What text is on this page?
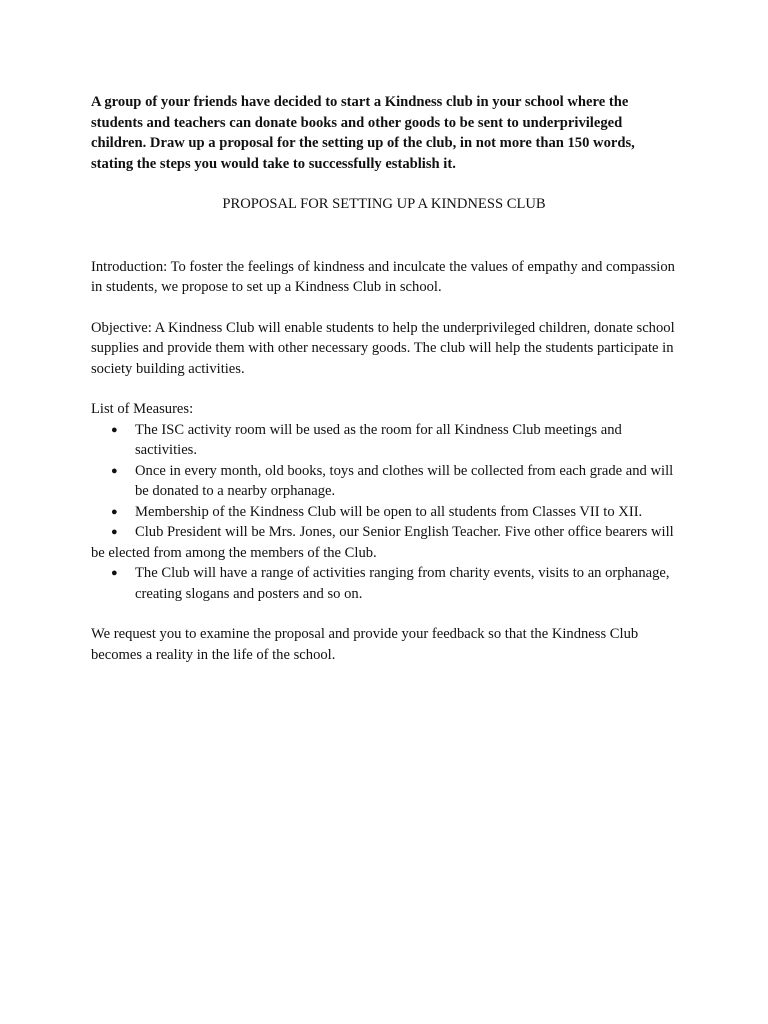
A group of your friends have decided to start a Kindness club in your school where the students and teachers can donate books and other goods to be sent to underprivileged children. Draw up a proposal for the setting up of the club, in not more than 150 words, stating the steps you would take to successfully establish it.

PROPOSAL FOR SETTING UP A KINDNESS CLUB

Introduction: To foster the feelings of kindness and inculcate the values of empathy and compassion in students, we propose to set up a Kindness Club in school.

Objective: A Kindness Club will enable students to help the underprivileged children, donate school supplies and provide them with other necessary goods. The club will help the students participate in society building activities.

List of Measures:

● The ISC activity room will be used as the room for all Kindness Club meetings and sactivities.
● Once in every month, old books, toys and clothes will be collected from each grade and will be donated to a nearby orphanage.
● Membership of the Kindness Club will be open to all students from Classes VII to XII.
● Club President will be Mrs. Jones, our Senior English Teacher. Five other office bearers will be elected from among the members of the Club.
● The Club will have a range of activities ranging from charity events, visits to an orphanage, creating slogans and posters and so on.

We request you to examine the proposal and provide your feedback so that the Kindness Club becomes a reality in the life of the school.
